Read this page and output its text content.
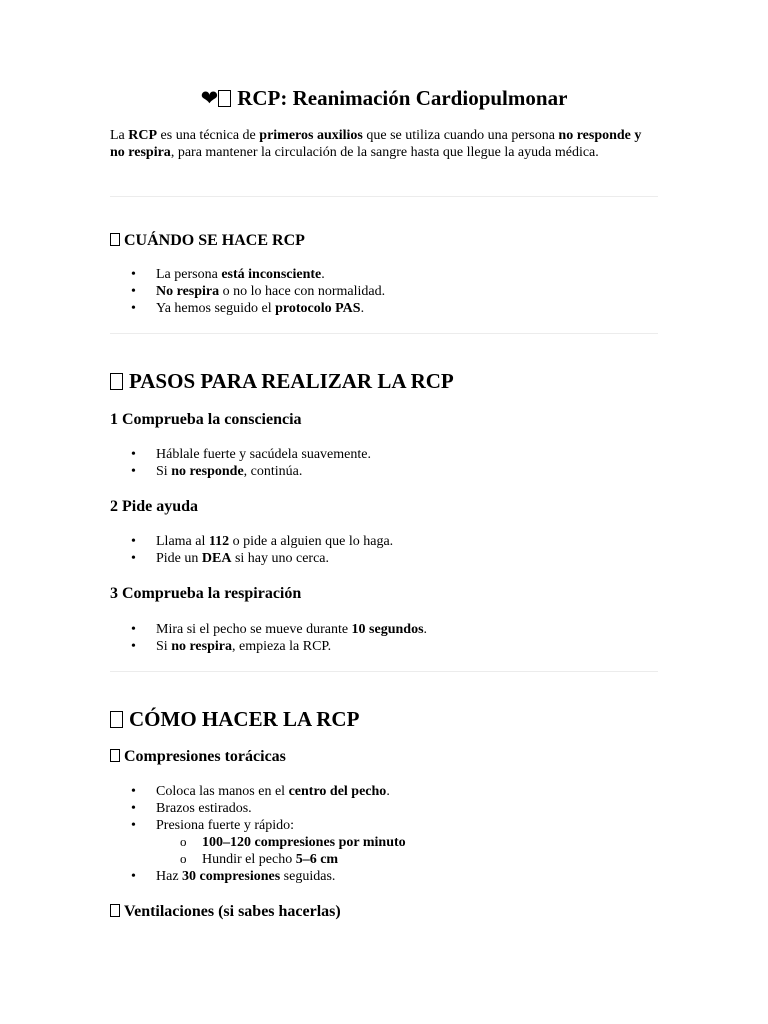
❤ RCP: Reanimación Cardiopulmonar

La RCP es una técnica de primeros auxilios que se utiliza cuando una persona no responde y no respira, para mantener la circulación de la sangre hasta que llegue la ayuda médica.

CUÁNDO SE HACE RCP
• La persona está inconsciente.
• No respira o no lo hace con normalidad.
• Ya hemos seguido el protocolo PAS.
PASOS PARA REALIZAR LA RCP
1 Comprueba la consciencia
• Háblale fuerte y sacúdela suavemente.
• Si no responde, continúa.
2 Pide ayuda
• Llama al 112 o pide a alguien que lo haga.
• Pide un DEA si hay uno cerca.
3 Comprueba la respiración
• Mira si el pecho se mueve durante 10 segundos.
• Si no respira, empieza la RCP.
CÓMO HACER LA RCP
Compresiones torácicas
• Coloca las manos en el centro del pecho.
• Brazos estirados.
• Presiona fuerte y rápido:
o 100–120 compresiones por minuto
o Hundir el pecho 5–6 cm
• Haz 30 compresiones seguidas.
Ventilaciones (si sabes hacerlas)
